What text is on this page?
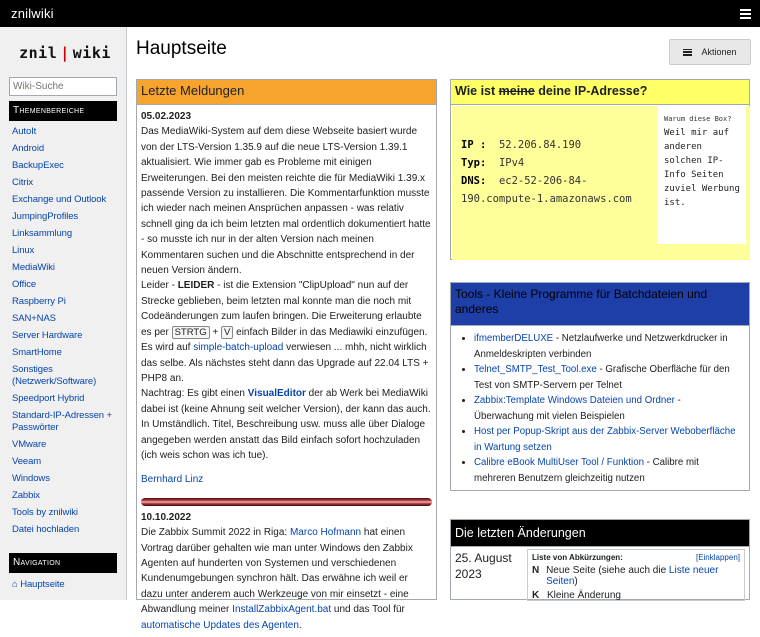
znilwiki
znil | wiki
Wiki-Suche
Themenbereiche
AutoIt
Android
BackupExec
Citrix
Exchange und Outlook
JumpingProfiles
Linksammlung
Linux
MediaWiki
Office
Raspberry Pi
SAN+NAS
Server Hardware
SmartHome
Sonstiges (Netzwerk/Software)
Speedport Hybrid
Standard-IP-Adressen + Passwörter
VMware
Veeam
Windows
Zabbix
Tools by znilwiki
Datei hochladen
Navigation
⌂ Hauptseite
Hauptseite	Aktionen
Letzte Meldungen
05.02.2023
Das MediaWiki-System auf dem diese Webseite basiert wurde von der LTS-Version 1.35.9 auf die neue LTS-Version 1.39.1 aktualisiert. Wie immer gab es Probleme mit einigen Erweiterungen. Bei den meisten reichte die für MediaWiki 1.39.x passende Version zu installieren. Die Kommentarfunktion musste ich wieder nach meinen Ansprüchen anpassen - was relativ schnell ging da ich beim letzten mal ordentlich dokumentiert hatte - so musste ich nur in der alten Version nach meinen Kommentaren suchen und die Abschnitte entsprechend in der neuen Version ändern.
Leider - LEIDER - ist die Extension "ClipUpload" nun auf der Strecke geblieben, beim letzten mal konnte man die noch mit Codeänderungen zum laufen bringen. Die Erweiterung erlaubte es per STRTG + V einfach Bilder in das Mediawiki einzufügen. Es wird auf simple-batch-upload verwiesen ... mhh, nicht wirklich das selbe. Als nächstes steht dann das Upgrade auf 22.04 LTS + PHP8 an.
Nachtrag: Es gibt einen VisualEditor der ab Werk bei MediaWiki dabei ist (keine Ahnung seit welcher Version), der kann das auch. In Umständlich. Titel, Beschreibung usw. muss alle über Dialoge angegeben werden anstatt das Bild einfach sofort hochzuladen (ich weis schon was ich tue).
Bernhard Linz
10.10.2022
Die Zabbix Summit 2022 in Riga: Marco Hofmann hat einen Vortrag darüber gehalten wie man unter Windows den Zabbix Agenten auf hunderten von Systemen und verschiedenen Kundenumgebungen synchron hält. Das erwähne ich weil er dazu unter anderem auch Werkzeuge von mir einsetzt - eine Abwandlung meiner InstallZabbixAgent.bat und das Tool für automatische Updates des Agenten.
Wie ist meine deine IP-Adresse?
IP : 52.206.84.190
Typ: IPv4
DNS: ec2-52-206-84-190.compute-1.amazonaws.com
Warum diese Box?
Weil mir auf anderen solchen IP-Info Seiten zuviel Werbung ist.
Tools - Kleine Programme für Batchdateien und anderes
• ifmemberDELUXE - Netzlaufwerke und Netzwerkdrucker in Anmeldeskripten verbinden
• Telnet_SMTP_Test_Tool.exe - Grafische Oberfläche für den Test von SMTP-Servern per Telnet
• Zabbix:Template Windows Dateien und Ordner - Überwachung mit vielen Beispielen
• Host per Popup-Skript aus der Zabbix-Server Weboberfläche in Wartung setzen
• Calibre eBook MultiUser Tool / Funktion - Calibre mit mehreren Benutzern gleichzeitig nutzen
Die letzten Änderungen
25. August 2023
Liste von Abkürzungen:	[Einklappen]
N Neue Seite (siehe auch die Liste neuer Seiten)
K Kleine Änderung
